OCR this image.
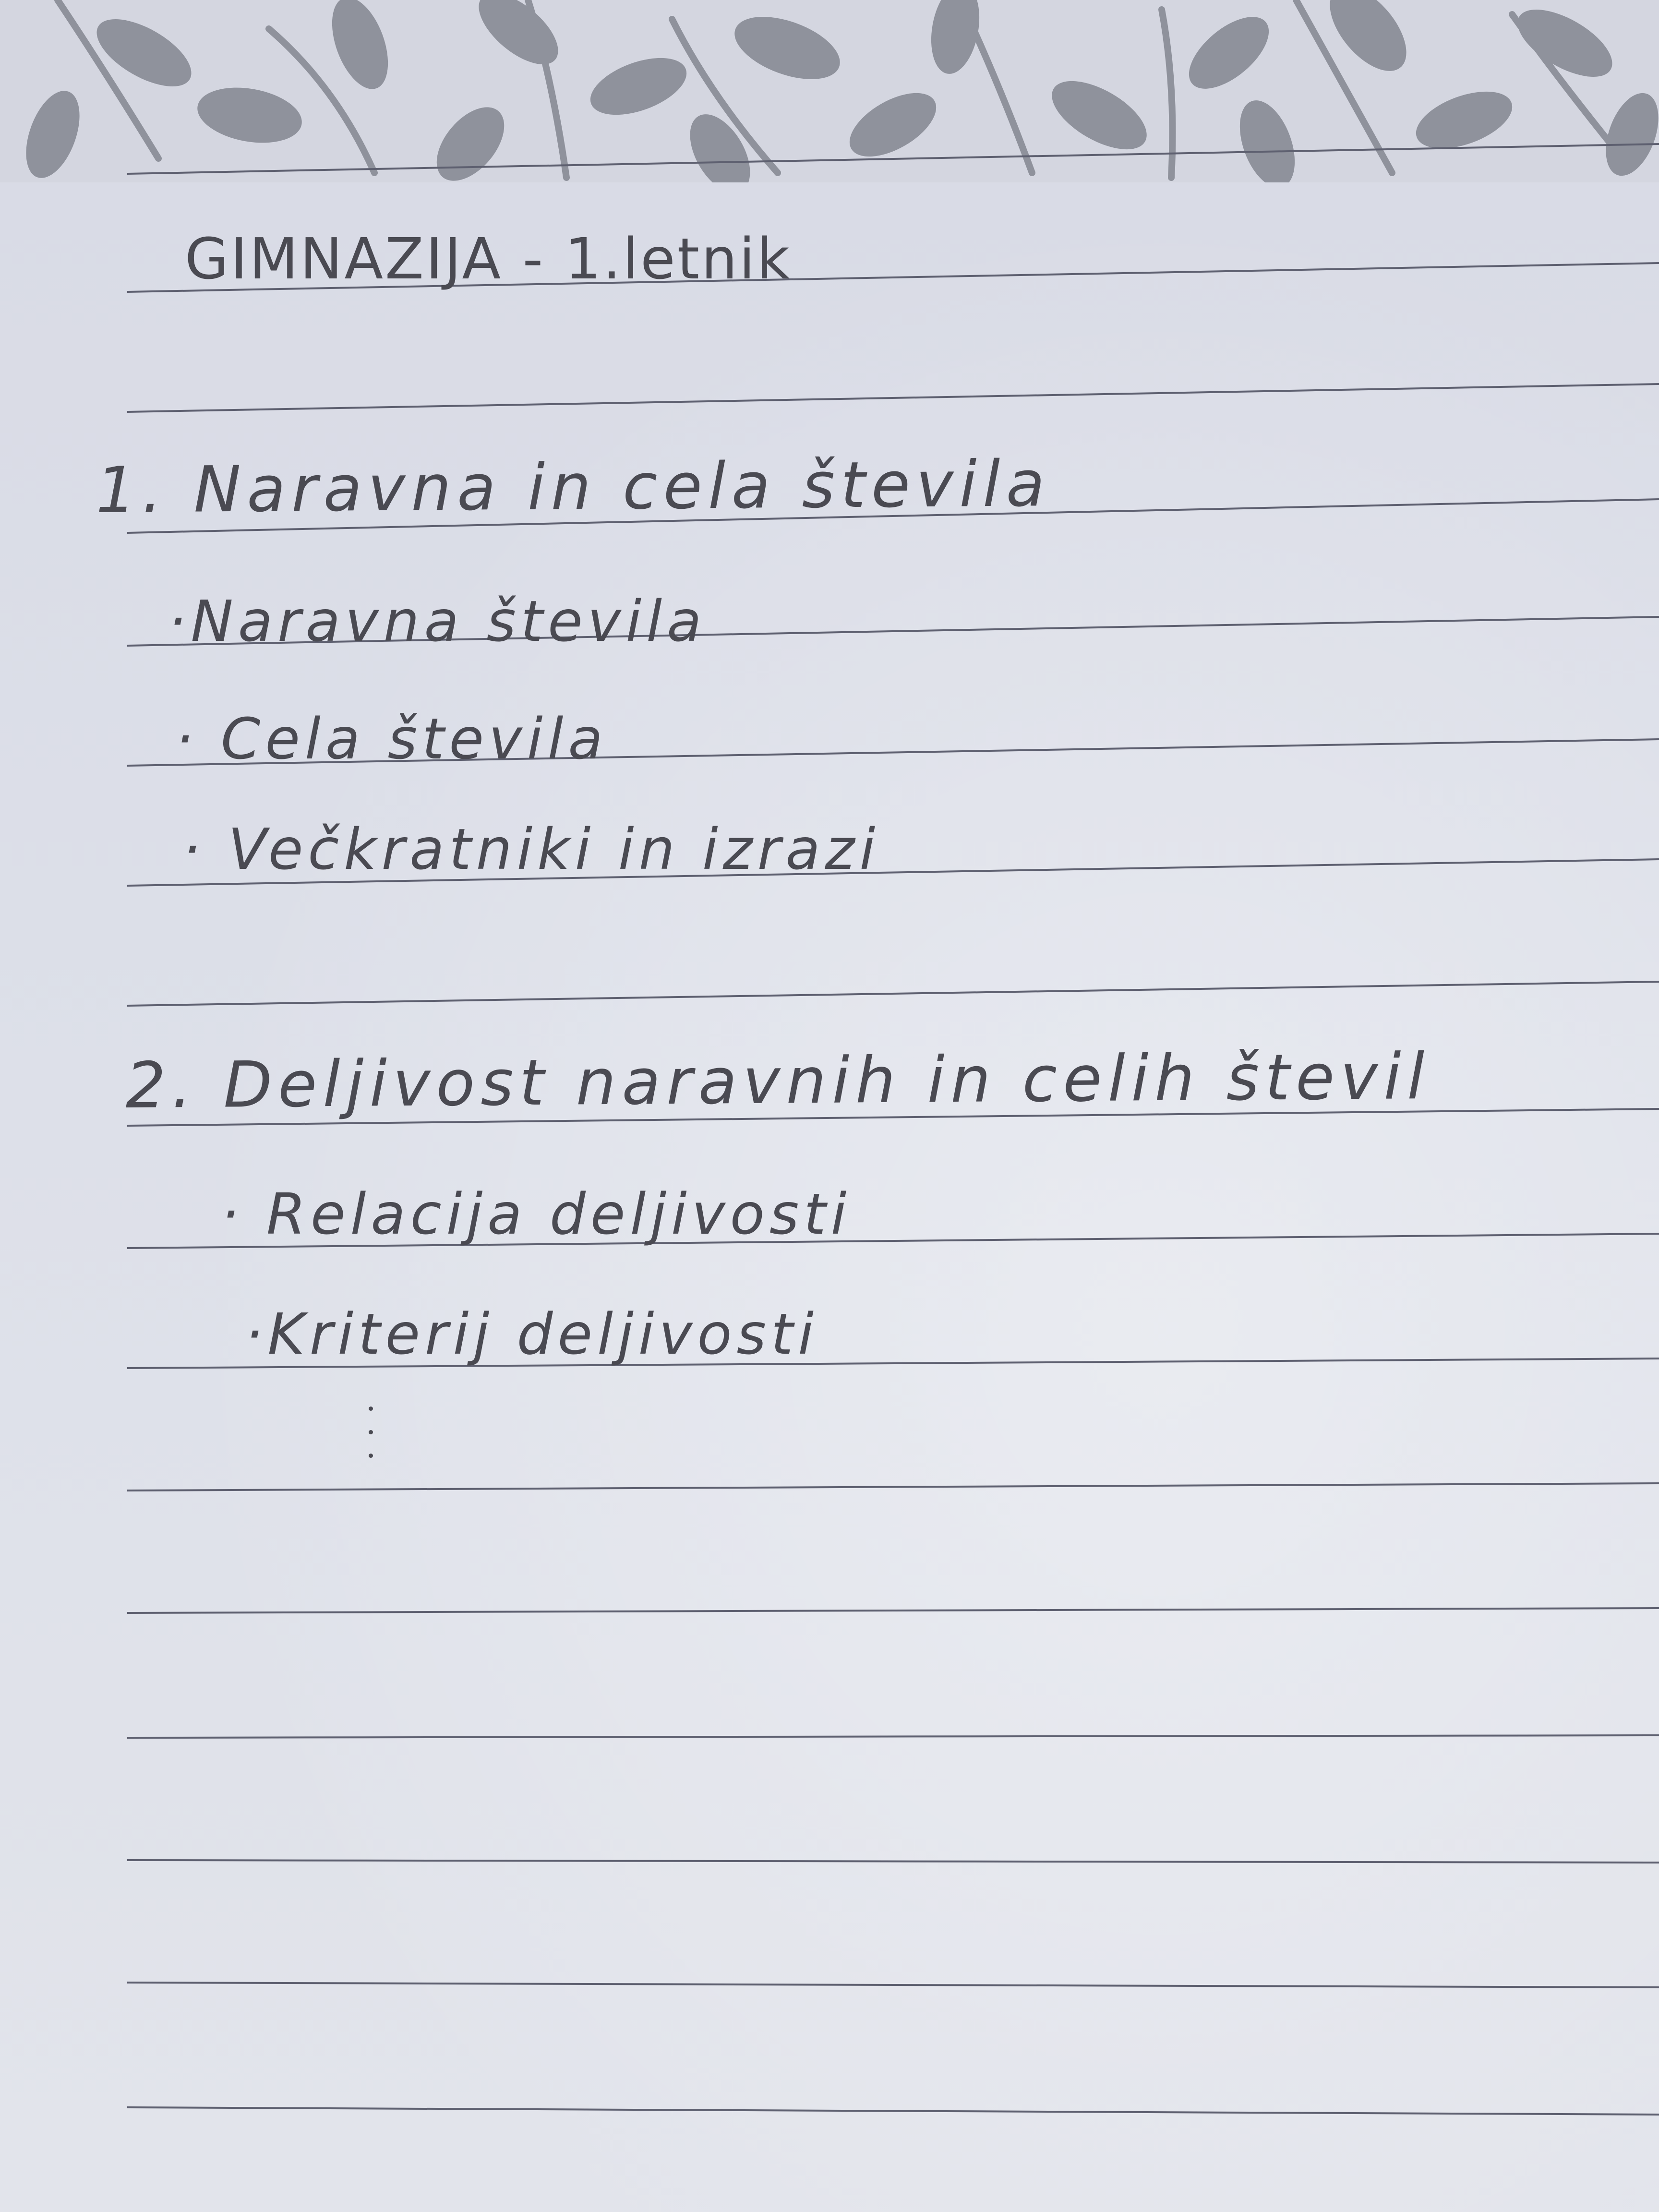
GIMNAZIJA - 1.letnik
1. Naravna in cela števila
·Naravna števila
· Cela števila
· Večkratniki in izrazi
2. Deljivost naravnih in celih števil
· Relacija deljivosti
·Kriterij deljivosti
